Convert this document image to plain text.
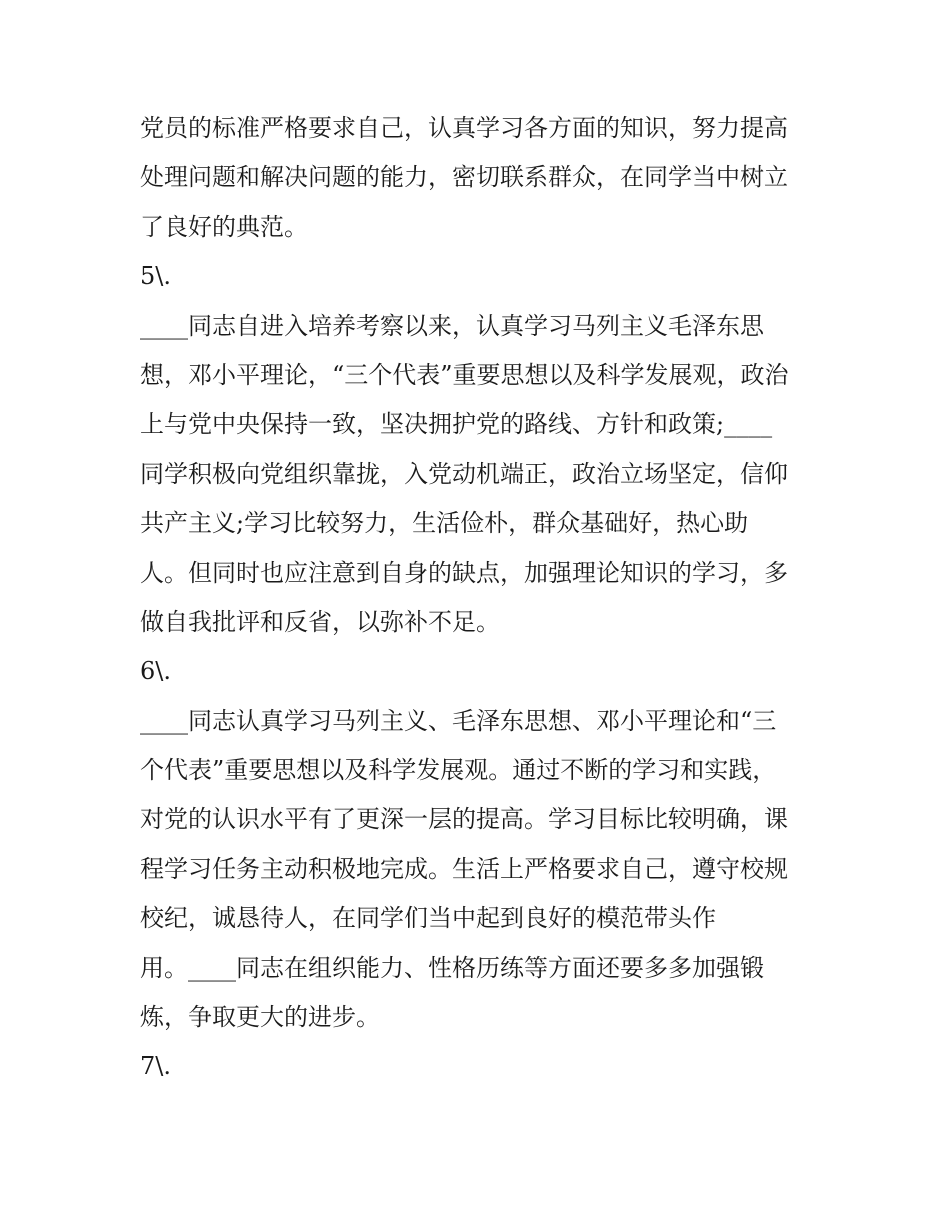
党员的标准严格要求自己，认真学习各方面的知识，努力提高
处理问题和解决问题的能力，密切联系群众，在同学当中树立
了良好的典范。
5\.
____同志自进入培养考察以来，认真学习马列主义毛泽东思
想，邓小平理论，“三个代表”重要思想以及科学发展观，政治
上与党中央保持一致，坚决拥护党的路线、方针和政策;____
同学积极向党组织靠拢，入党动机端正，政治立场坚定，信仰
共产主义;学习比较努力，生活俭朴，群众基础好，热心助
人。但同时也应注意到自身的缺点，加强理论知识的学习，多
做自我批评和反省，以弥补不足。
6\.
____同志认真学习马列主义、毛泽东思想、邓小平理论和“三
个代表”重要思想以及科学发展观。通过不断的学习和实践，
对党的认识水平有了更深一层的提高。学习目标比较明确，课
程学习任务主动积极地完成。生活上严格要求自己，遵守校规
校纪，诚恳待人，在同学们当中起到良好的模范带头作
用。____同志在组织能力、性格历练等方面还要多多加强锻
炼，争取更大的进步。
7\.
